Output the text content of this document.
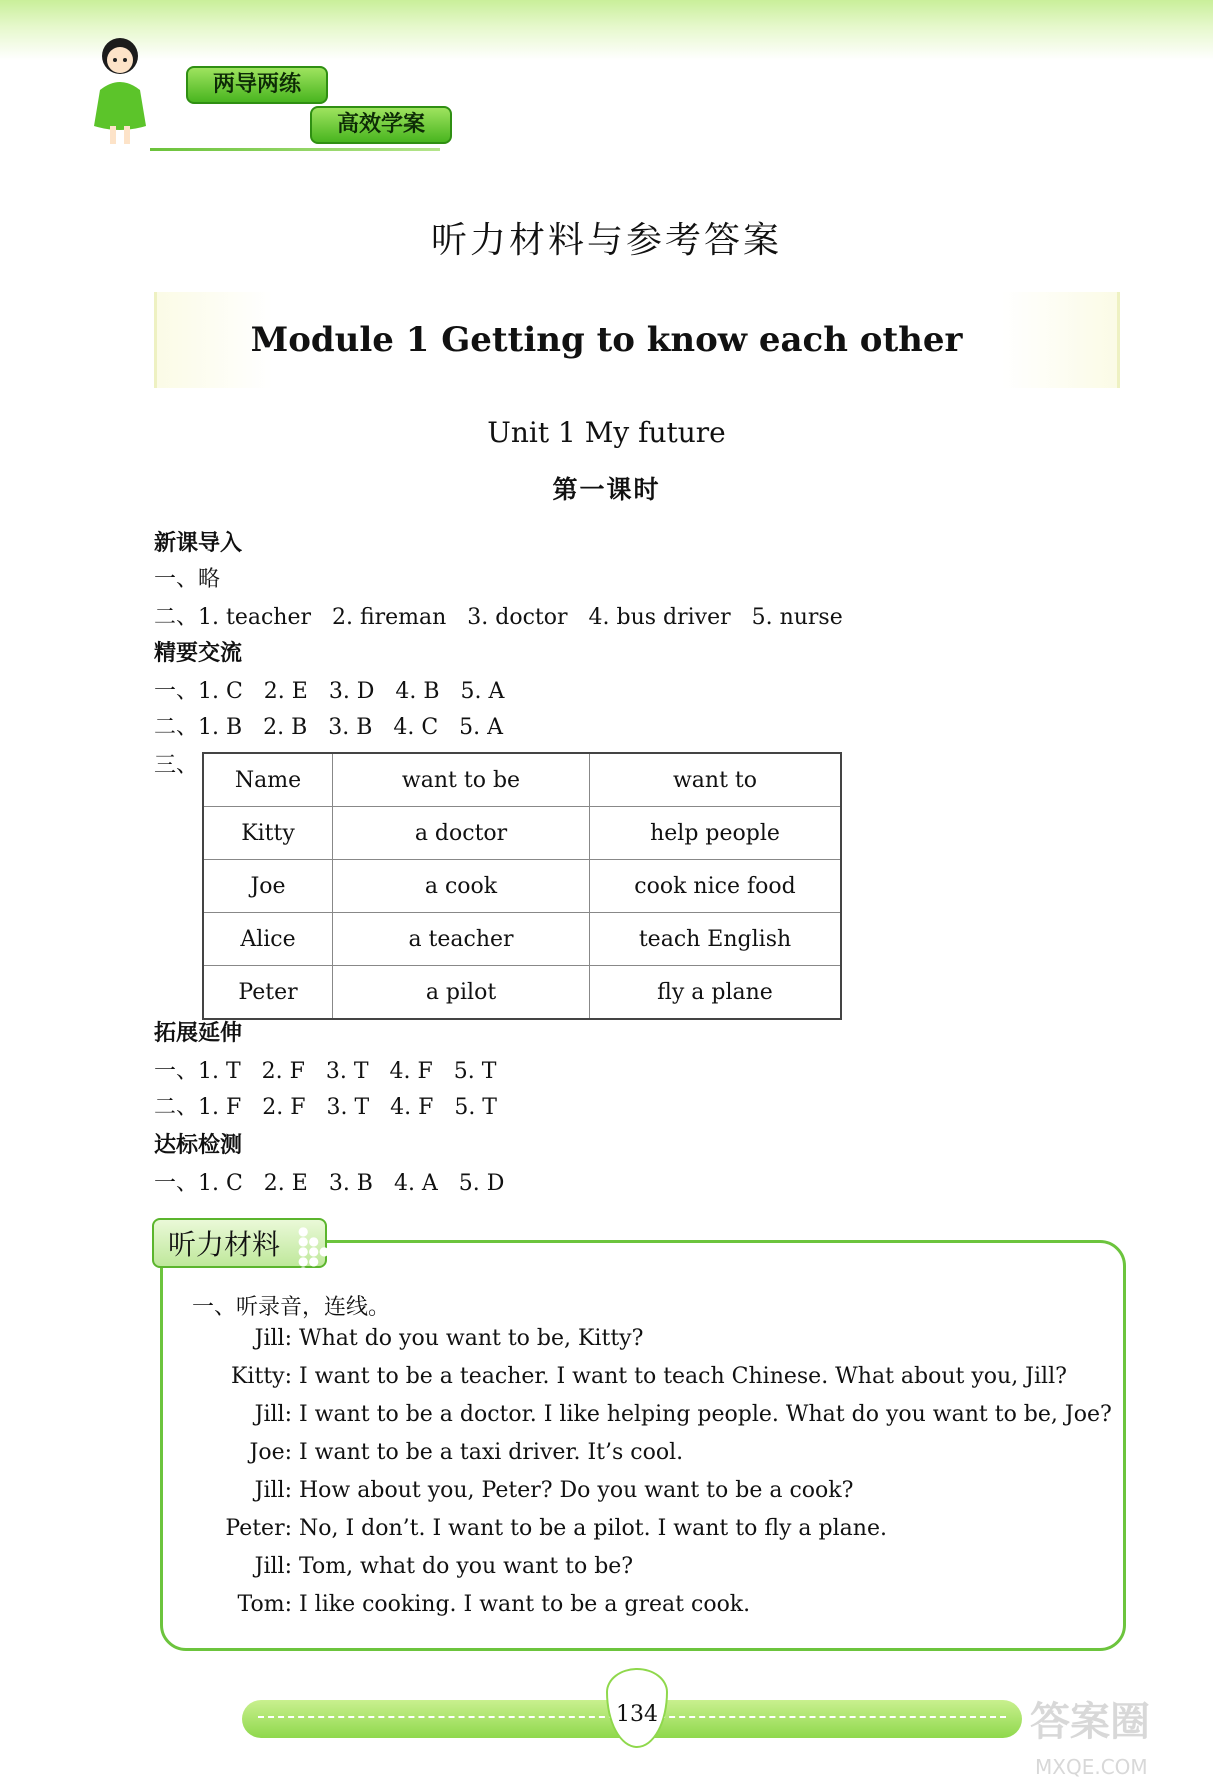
两导两练
高效学案
听力材料与参考答案
Module 1 Getting to know each other
Unit 1 My future
第一课时
新课导入
一、略
二、1. teacher   2. fireman   3. doctor   4. bus driver   5. nurse
精要交流
一、1. C   2. E   3. D   4. B   5. A
二、1. B   2. B   3. B   4. C   5. A
三、
Name	want to be	want to
Kitty	a doctor	help people
Joe	a cook	cook nice food
Alice	a teacher	teach English
Peter	a pilot	fly a plane
拓展延伸
一、1. T   2. F   3. T   4. F   5. T
二、1. F   2. F   3. T   4. F   5. T
达标检测
一、1. C   2. E   3. B   4. A   5. D
听力材料	●
●●
●●●
●●
●
一、听录音，连线。
Jill: What do you want to be, Kitty?
Kitty: I want to be a teacher. I want to teach Chinese. What about you, Jill?
Jill: I want to be a doctor. I like helping people. What do you want to be, Joe?
Joe: I want to be a taxi driver. It’s cool.
Jill: How about you, Peter? Do you want to be a cook?
Peter: No, I don’t. I want to be a pilot. I want to fly a plane.
Jill: Tom, what do you want to be?
Tom: I like cooking. I want to be a great cook.
134	答案圈
MXQE.COM
